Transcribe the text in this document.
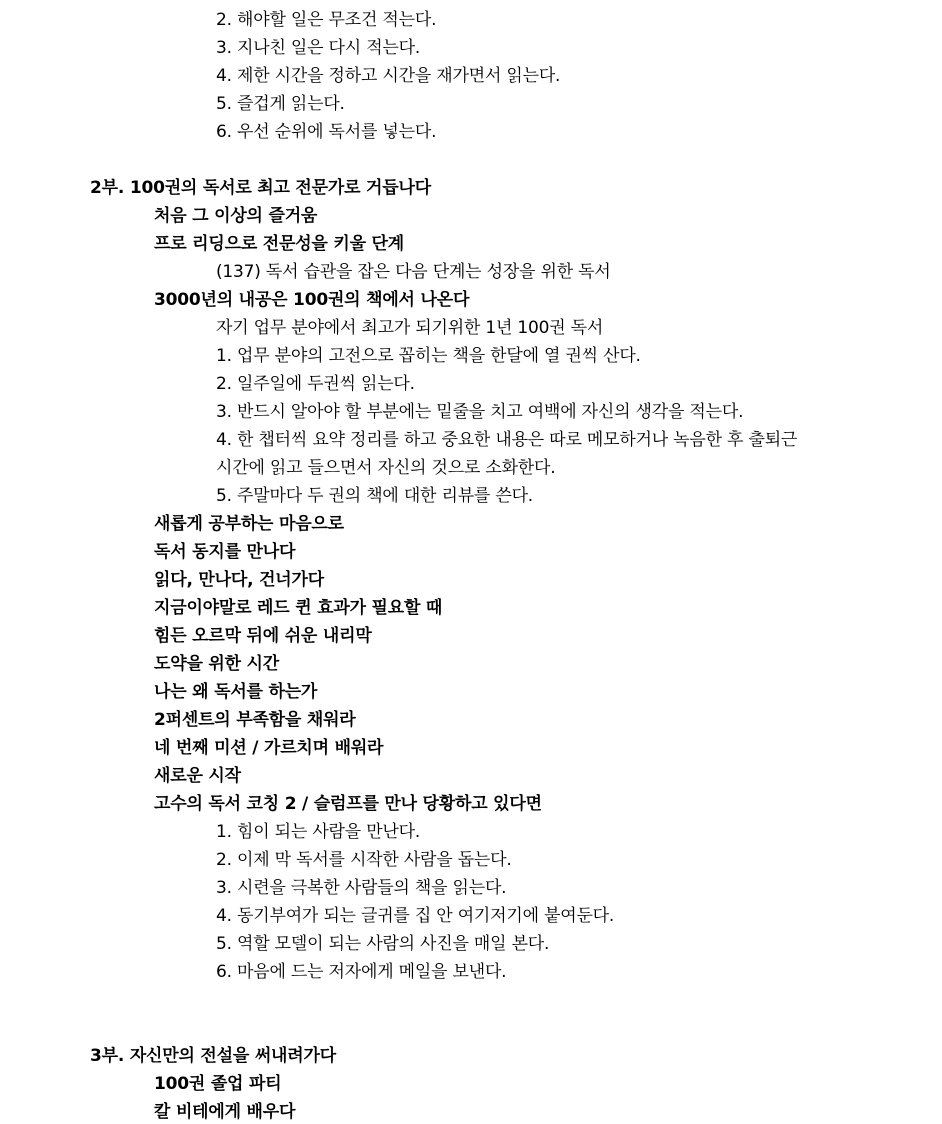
2. 해야할 일은 무조건 적는다.
3. 지나친 일은 다시 적는다.
4. 제한 시간을 정하고 시간을 재가면서 읽는다.
5. 즐겁게 읽는다.
6. 우선 순위에 독서를 넣는다.
2부. 100권의 독서로 최고 전문가로 거듭나다
처음 그 이상의 즐거움
프로 리딩으로 전문성을 키울 단계
(137) 독서 습관을 잡은 다음 단계는 성장을 위한 독서
3000년의 내공은 100권의 책에서 나온다
자기 업무 분야에서 최고가 되기위한 1년 100권 독서
1. 업무 분야의 고전으로 꼽히는 책을 한달에 열 권씩 산다.
2. 일주일에 두권씩 읽는다.
3. 반드시 알아야 할 부분에는 밑줄을 치고 여백에 자신의 생각을 적는다.
4. 한 챕터씩 요약 정리를 하고 중요한 내용은 따로 메모하거나 녹음한 후 출퇴근
시간에 읽고 들으면서 자신의 것으로 소화한다.
5. 주말마다 두 권의 책에 대한 리뷰를 쓴다.
새롭게 공부하는 마음으로
독서 동지를 만나다
읽다, 만나다, 건너가다
지금이야말로 레드 퀸 효과가 필요할 때
힘든 오르막 뒤에 쉬운 내리막
도약을 위한 시간
나는 왜 독서를 하는가
2퍼센트의 부족함을 채워라
네 번째 미션 / 가르치며 배워라
새로운 시작
고수의 독서 코칭 2 / 슬럼프를 만나 당황하고 있다면
1. 힘이 되는 사람을 만난다.
2. 이제 막 독서를 시작한 사람을 돕는다.
3. 시련을 극복한 사람들의 책을 읽는다.
4. 동기부여가 되는 글귀를 집 안 여기저기에 붙여둔다.
5. 역할 모델이 되는 사람의 사진을 매일 본다.
6. 마음에 드는 저자에게 메일을 보낸다.
3부. 자신만의 전설을 써내려가다
100권 졸업 파티
칼 비테에게 배우다
